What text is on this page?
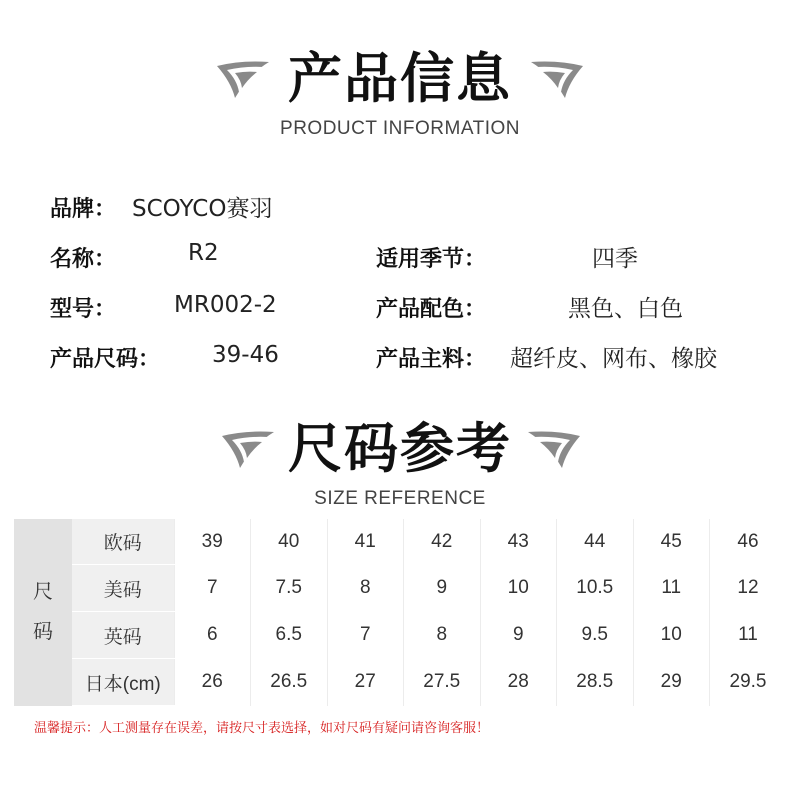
产品信息
PRODUCT INFORMATION
品牌： SCOYCO赛羽
名称：	R2
型号：	MR002-2
产品尺码： 39-46
适用季节：	四季
产品配色：	黑色、白色
产品主料： 超纤皮、网布、橡胶
尺码参考
SIZE REFERENCE
尺码	欧码	39	40	41	42	43	44	45	46
	美码	7	7.5	8	9	10	10.5	11	12
	英码	6	6.5	7	8	9	9.5	10	11
	日本(cm)	26	26.5	27	27.5	28	28.5	29	29.5
温馨提示：人工测量存在误差，请按尺寸表选择，如对尺码有疑问请咨询客服！
